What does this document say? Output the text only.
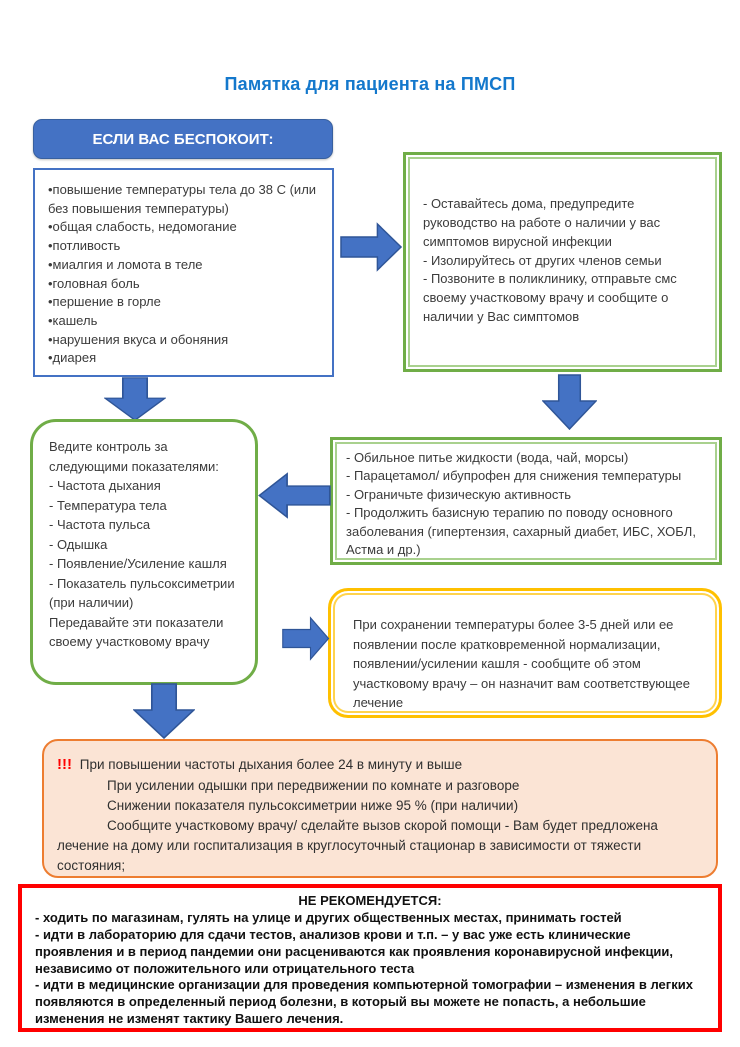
Памятка для пациента на ПМСП
ЕСЛИ ВАС БЕСПОКОИТ:
•повышение температуры тела до 38 С (или без повышения температуры)
•общая слабость, недомогание
•потливость
•миалгия и ломота в теле
•головная боль
•першение в горле
•кашель
•нарушения вкуса и обоняния
•диарея
- Оставайтесь дома, предупредите руководство на работе о наличии у вас симптомов вирусной инфекции
- Изолируйтесь от других членов семьи
- Позвоните в поликлинику, отправьте смс своему участковому врачу и сообщите о наличии у Вас симптомов
Ведите контроль за следующими показателями:
- Частота дыхания
- Температура тела
- Частота пульса
- Одышка
- Появление/Усиление кашля
- Показатель пульсоксиметрии (при наличии)
Передавайте эти показатели своему участковому врачу
- Обильное питье жидкости (вода, чай, морсы)
- Парацетамол/ ибупрофен для снижения температуры
- Ограничьте физическую активность
- Продолжить базисную терапию по поводу основного заболевания (гипертензия, сахарный диабет, ИБС, ХОБЛ, Астма и др.)
При сохранении температуры более 3-5 дней или ее появлении после кратковременной нормализации, появлении/усилении кашля - сообщите об этом участковому врачу – он назначит вам соответствующее лечение
!!! При повышении частоты дыхания более 24 в минуту и выше
При усилении одышки при передвижении по комнате и разговоре
Снижении показателя пульсоксиметрии ниже 95 % (при наличии)
Сообщите участковому врачу/ сделайте вызов скорой помощи - Вам будет предложена лечение на дому или госпитализация в круглосуточный стационар в зависимости от тяжести состояния;
НЕ РЕКОМЕНДУЕТСЯ:
- ходить по магазинам, гулять на улице и других общественных местах, принимать гостей
- идти в лабораторию для сдачи тестов, анализов крови и т.п. – у вас уже есть клинические проявления и в период пандемии они расцениваются как проявления коронавирусной инфекции, независимо от положительного или отрицательного теста
- идти в медицинские организации для проведения компьютерной томографии – изменения в легких появляются в определенный период болезни, в который вы можете не попасть, а небольшие изменения не изменят тактику Вашего лечения.
